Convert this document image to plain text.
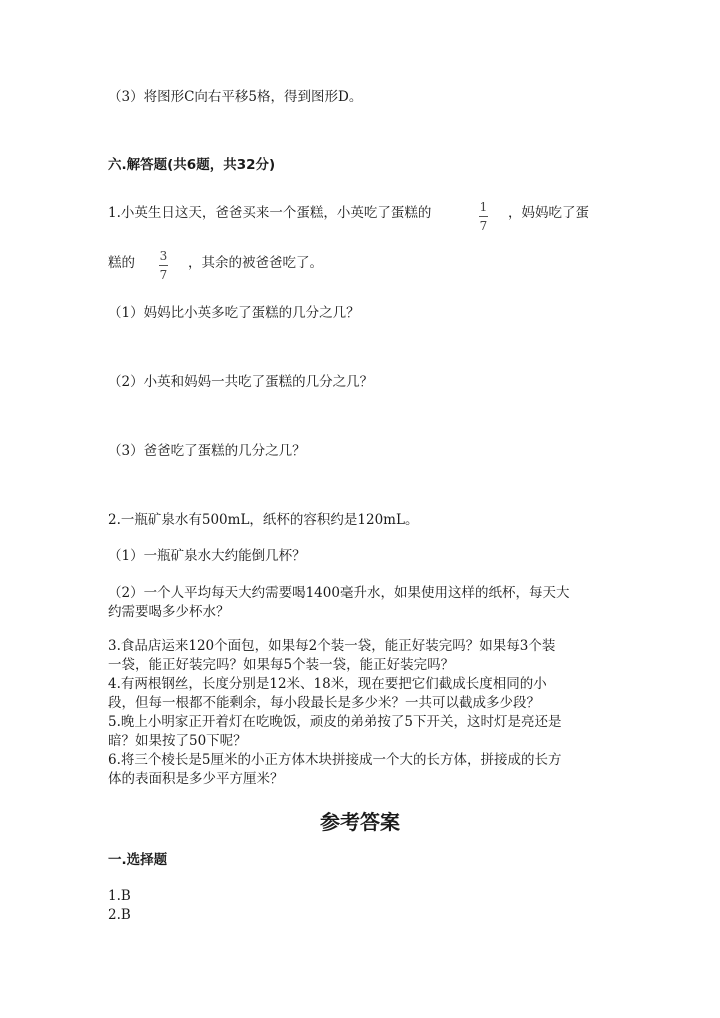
（3）将图形C向右平移5格，得到图形D。
六.解答题(共6题，共32分)
1.小英生日这天，爸爸买来一个蛋糕，小英吃了蛋糕的	1
7
，妈妈吃了蛋
糕的 3
7
，其余的被爸爸吃了。
（1）妈妈比小英多吃了蛋糕的几分之几？
（2）小英和妈妈一共吃了蛋糕的几分之几？
（3）爸爸吃了蛋糕的几分之几？
2.一瓶矿泉水有500mL，纸杯的容积约是120mL。
（1）一瓶矿泉水大约能倒几杯？
（2）一个人平均每天大约需要喝1400毫升水，如果使用这样的纸杯，每天大
约需要喝多少杯水？
3.食品店运来120个面包，如果每2个装一袋，能正好装完吗？如果每3个装
一袋，能正好装完吗？如果每5个装一袋，能正好装完吗？
4.有两根钢丝，长度分别是12米、18米，现在要把它们截成长度相同的小
段，但每一根都不能剩余，每小段最长是多少米？一共可以截成多少段？
5.晚上小明家正开着灯在吃晚饭，顽皮的弟弟按了5下开关，这时灯是亮还是
暗？如果按了50下呢？
6.将三个棱长是5厘米的小正方体木块拼接成一个大的长方体，拼接成的长方
体的表面积是多少平方厘米？
参考答案
一.选择题
1.B
2.B
